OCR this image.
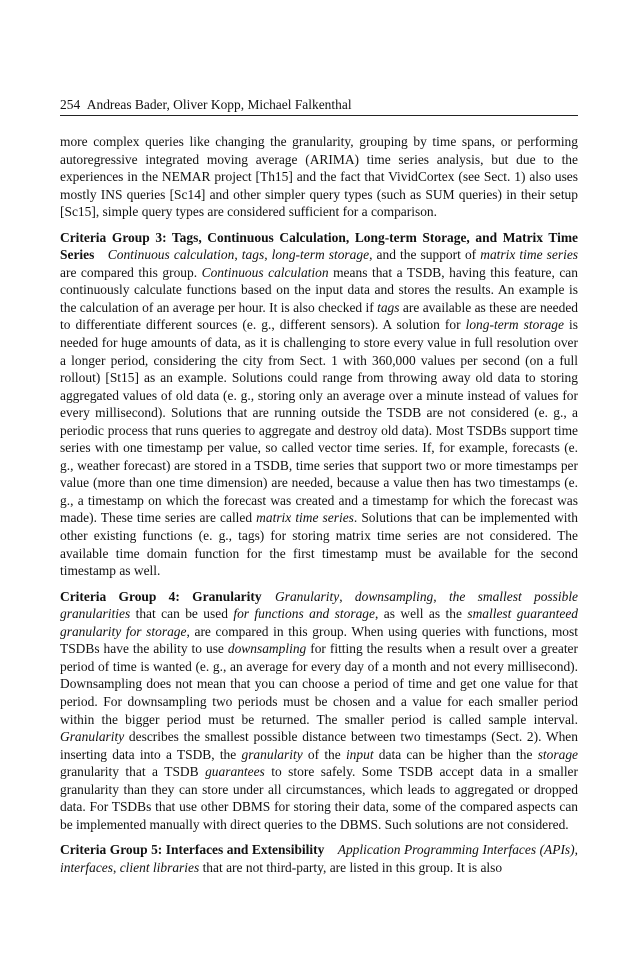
254 Andreas Bader, Oliver Kopp, Michael Falkenthal

more complex queries like changing the granularity, grouping by time spans, or performing autoregressive integrated moving average (ARIMA) time series analysis, but due to the experiences in the NEMAR project [Th15] and the fact that VividCortex (see Sect. 1) also uses mostly INS queries [Sc14] and other simpler query types (such as SUM queries) in their setup [Sc15], simple query types are considered sufficient for a comparison.

Criteria Group 3: Tags, Continuous Calculation, Long-term Storage, and Matrix Time Series  Continuous calculation, tags, long-term storage, and the support of matrix time series are compared this group. Continuous calculation means that a TSDB, having this feature, can continuously calculate functions based on the input data and stores the results. An example is the calculation of an average per hour. It is also checked if tags are available as these are needed to differentiate different sources (e. g., different sensors). A solution for long-term storage is needed for huge amounts of data, as it is challenging to store every value in full resolution over a longer period, considering the city from Sect. 1 with 360,000 values per second (on a full rollout) [St15] as an example. Solutions could range from throwing away old data to storing aggregated values of old data (e. g., storing only an average over a minute instead of values for every millisecond). Solutions that are running outside the TSDB are not considered (e. g., a periodic process that runs queries to aggregate and destroy old data). Most TSDBs support time series with one timestamp per value, so called vector time series. If, for example, forecasts (e. g., weather forecast) are stored in a TSDB, time series that support two or more timestamps per value (more than one time dimension) are needed, because a value then has two timestamps (e. g., a timestamp on which the forecast was created and a timestamp for which the forecast was made). These time series are called matrix time series. Solutions that can be implemented with other existing functions (e. g., tags) for storing matrix time series are not considered. The available time domain function for the first timestamp must be available for the second timestamp as well.

Criteria Group 4: Granularity  Granularity, downsampling, the smallest possible granularities that can be used for functions and storage, as well as the smallest guaranteed granularity for storage, are compared in this group. When using queries with functions, most TSDBs have the ability to use downsampling for fitting the results when a result over a greater period of time is wanted (e. g., an average for every day of a month and not every millisecond). Downsampling does not mean that you can choose a period of time and get one value for that period. For downsampling two periods must be chosen and a value for each smaller period within the bigger period must be returned. The smaller period is called sample interval. Granularity describes the smallest possible distance between two timestamps (Sect. 2). When inserting data into a TSDB, the granularity of the input data can be higher than the storage granularity that a TSDB guarantees to store safely. Some TSDB accept data in a smaller granularity than they can store under all circumstances, which leads to aggregated or dropped data. For TSDBs that use other DBMS for storing their data, some of the compared aspects can be implemented manually with direct queries to the DBMS. Such solutions are not considered.

Criteria Group 5: Interfaces and Extensibility  Application Programming Interfaces (APIs), interfaces, client libraries that are not third-party, are listed in this group. It is also
